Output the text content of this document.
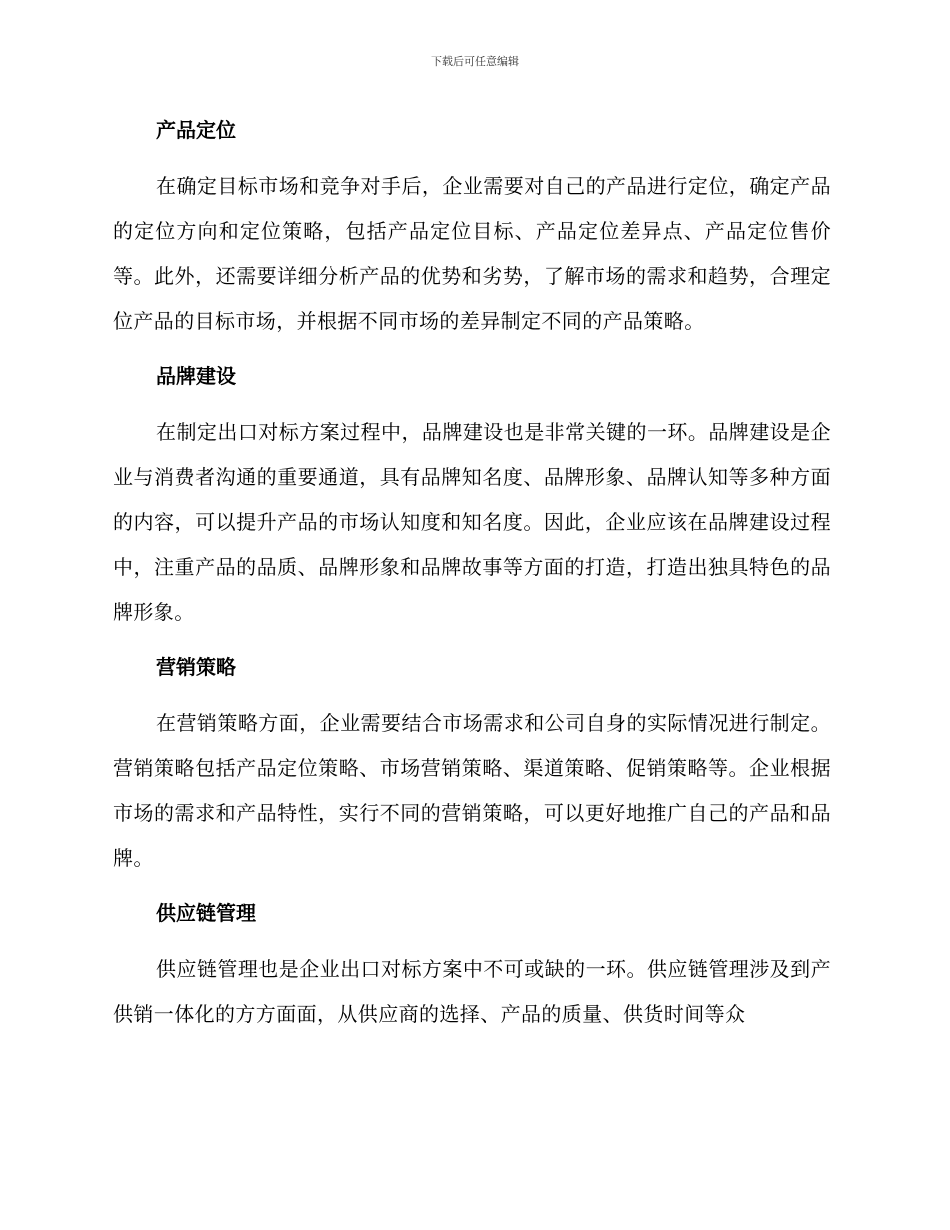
下载后可任意编辑
产品定位

在确定目标市场和竞争对手后，企业需要对自己的产品进行定位，确定产品的定位方向和定位策略，包括产品定位目标、产品定位差异点、产品定位售价等。此外，还需要详细分析产品的优势和劣势，了解市场的需求和趋势，合理定位产品的目标市场，并根据不同市场的差异制定不同的产品策略。

品牌建设

在制定出口对标方案过程中，品牌建设也是非常关键的一环。品牌建设是企业与消费者沟通的重要通道，具有品牌知名度、品牌形象、品牌认知等多种方面的内容，可以提升产品的市场认知度和知名度。因此，企业应该在品牌建设过程中，注重产品的品质、品牌形象和品牌故事等方面的打造，打造出独具特色的品牌形象。

营销策略

在营销策略方面，企业需要结合市场需求和公司自身的实际情况进行制定。营销策略包括产品定位策略、市场营销策略、渠道策略、促销策略等。企业根据市场的需求和产品特性，实行不同的营销策略，可以更好地推广自己的产品和品牌。

供应链管理

供应链管理也是企业出口对标方案中不可或缺的一环。供应链管理涉及到产供销一体化的方方面面，从供应商的选择、产品的质量、供货时间等众
